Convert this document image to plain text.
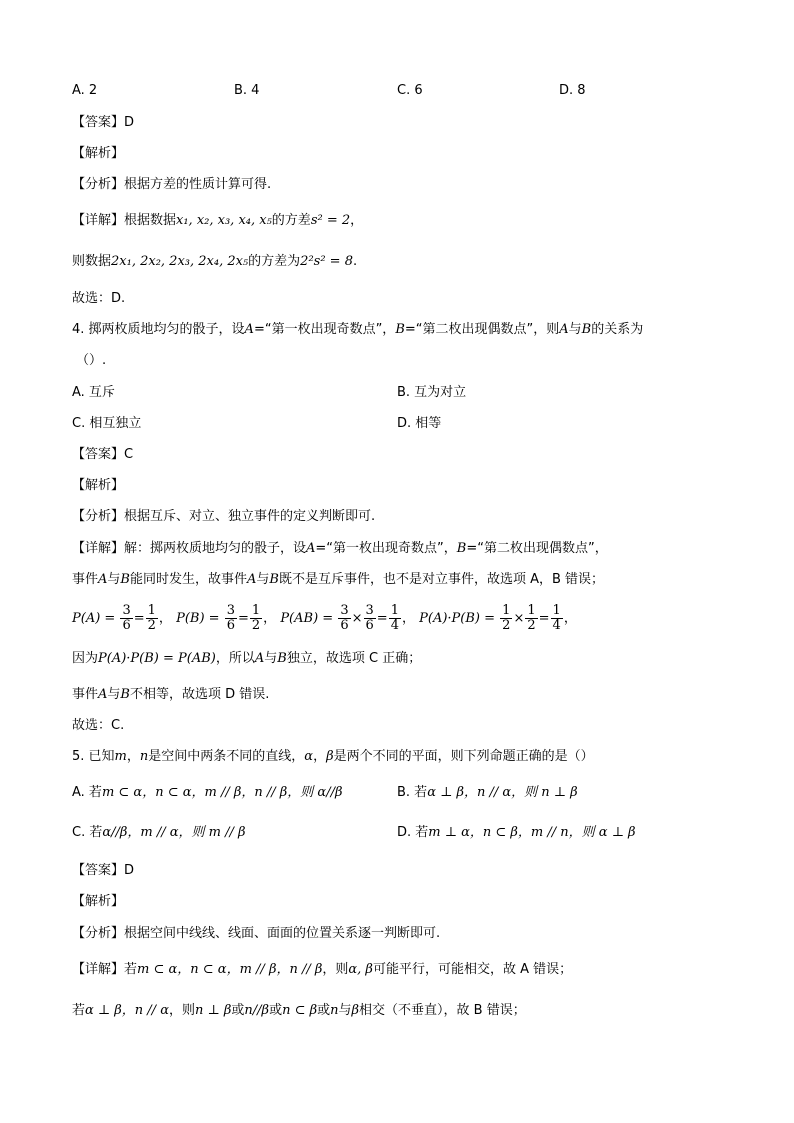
A. 2	B. 4	C. 6	D. 8
【答案】D
【解析】
【分析】根据方差的性质计算可得.
【详解】根据数据x₁, x₂, x₃, x₄, x₅的方差s² = 2，
则数据2x₁, 2x₂, 2x₃, 2x₄, 2x₅的方差为2²s² = 8.
故选：D.
4. 掷两枚质地均匀的骰子，设A=“第一枚出现奇数点”，B=“第二枚出现偶数点”，则A与B的关系为
（）.
A. 互斥	B. 互为对立
C. 相互独立	D. 相等
【答案】C
【解析】
【分析】根据互斥、对立、独立事件的定义判断即可.
【详解】解：掷两枚质地均匀的骰子，设A=“第一枚出现奇数点”，B=“第二枚出现偶数点”，
事件A与B能同时发生，故事件A与B既不是互斥事件，也不是对立事件，故选项 A，B 错误；
$P(A) = \frac{3}{6} = \frac{1}{2}$ ， $P(B) = \frac{3}{6} = \frac{1}{2}$ ， $P(AB) = \frac{3}{6} \times \frac{3}{6} = \frac{1}{4}$ ， $P(A)\cdot P(B) = \frac{1}{2} \times \frac{1}{2} = \frac{1}{4}$ ，
因为P(A)·P(B) = P(AB)，所以A与B独立，故选项 C 正确；
事件A与B不相等，故选项 D 错误.
故选：C.
5. 已知m，n是空间中两条不同的直线，α，β是两个不同的平面，则下列命题正确的是（）
A. 若m ⊂ α，n ⊂ α，m // β，n // β，则 α//β	B. 若α ⊥ β，n // α，则 n ⊥ β
C. 若α//β，m // α，则 m // β	D. 若m ⊥ α，n ⊂ β，m // n，则 α ⊥ β
【答案】D
【解析】
【分析】根据空间中线线、线面、面面的位置关系逐一判断即可.
【详解】若m ⊂ α，n ⊂ α，m // β，n // β，则α, β可能平行，可能相交，故 A 错误；
若α ⊥ β，n // α，则n ⊥ β或n//β或n ⊂ β或n与β相交（不垂直），故 B 错误；
